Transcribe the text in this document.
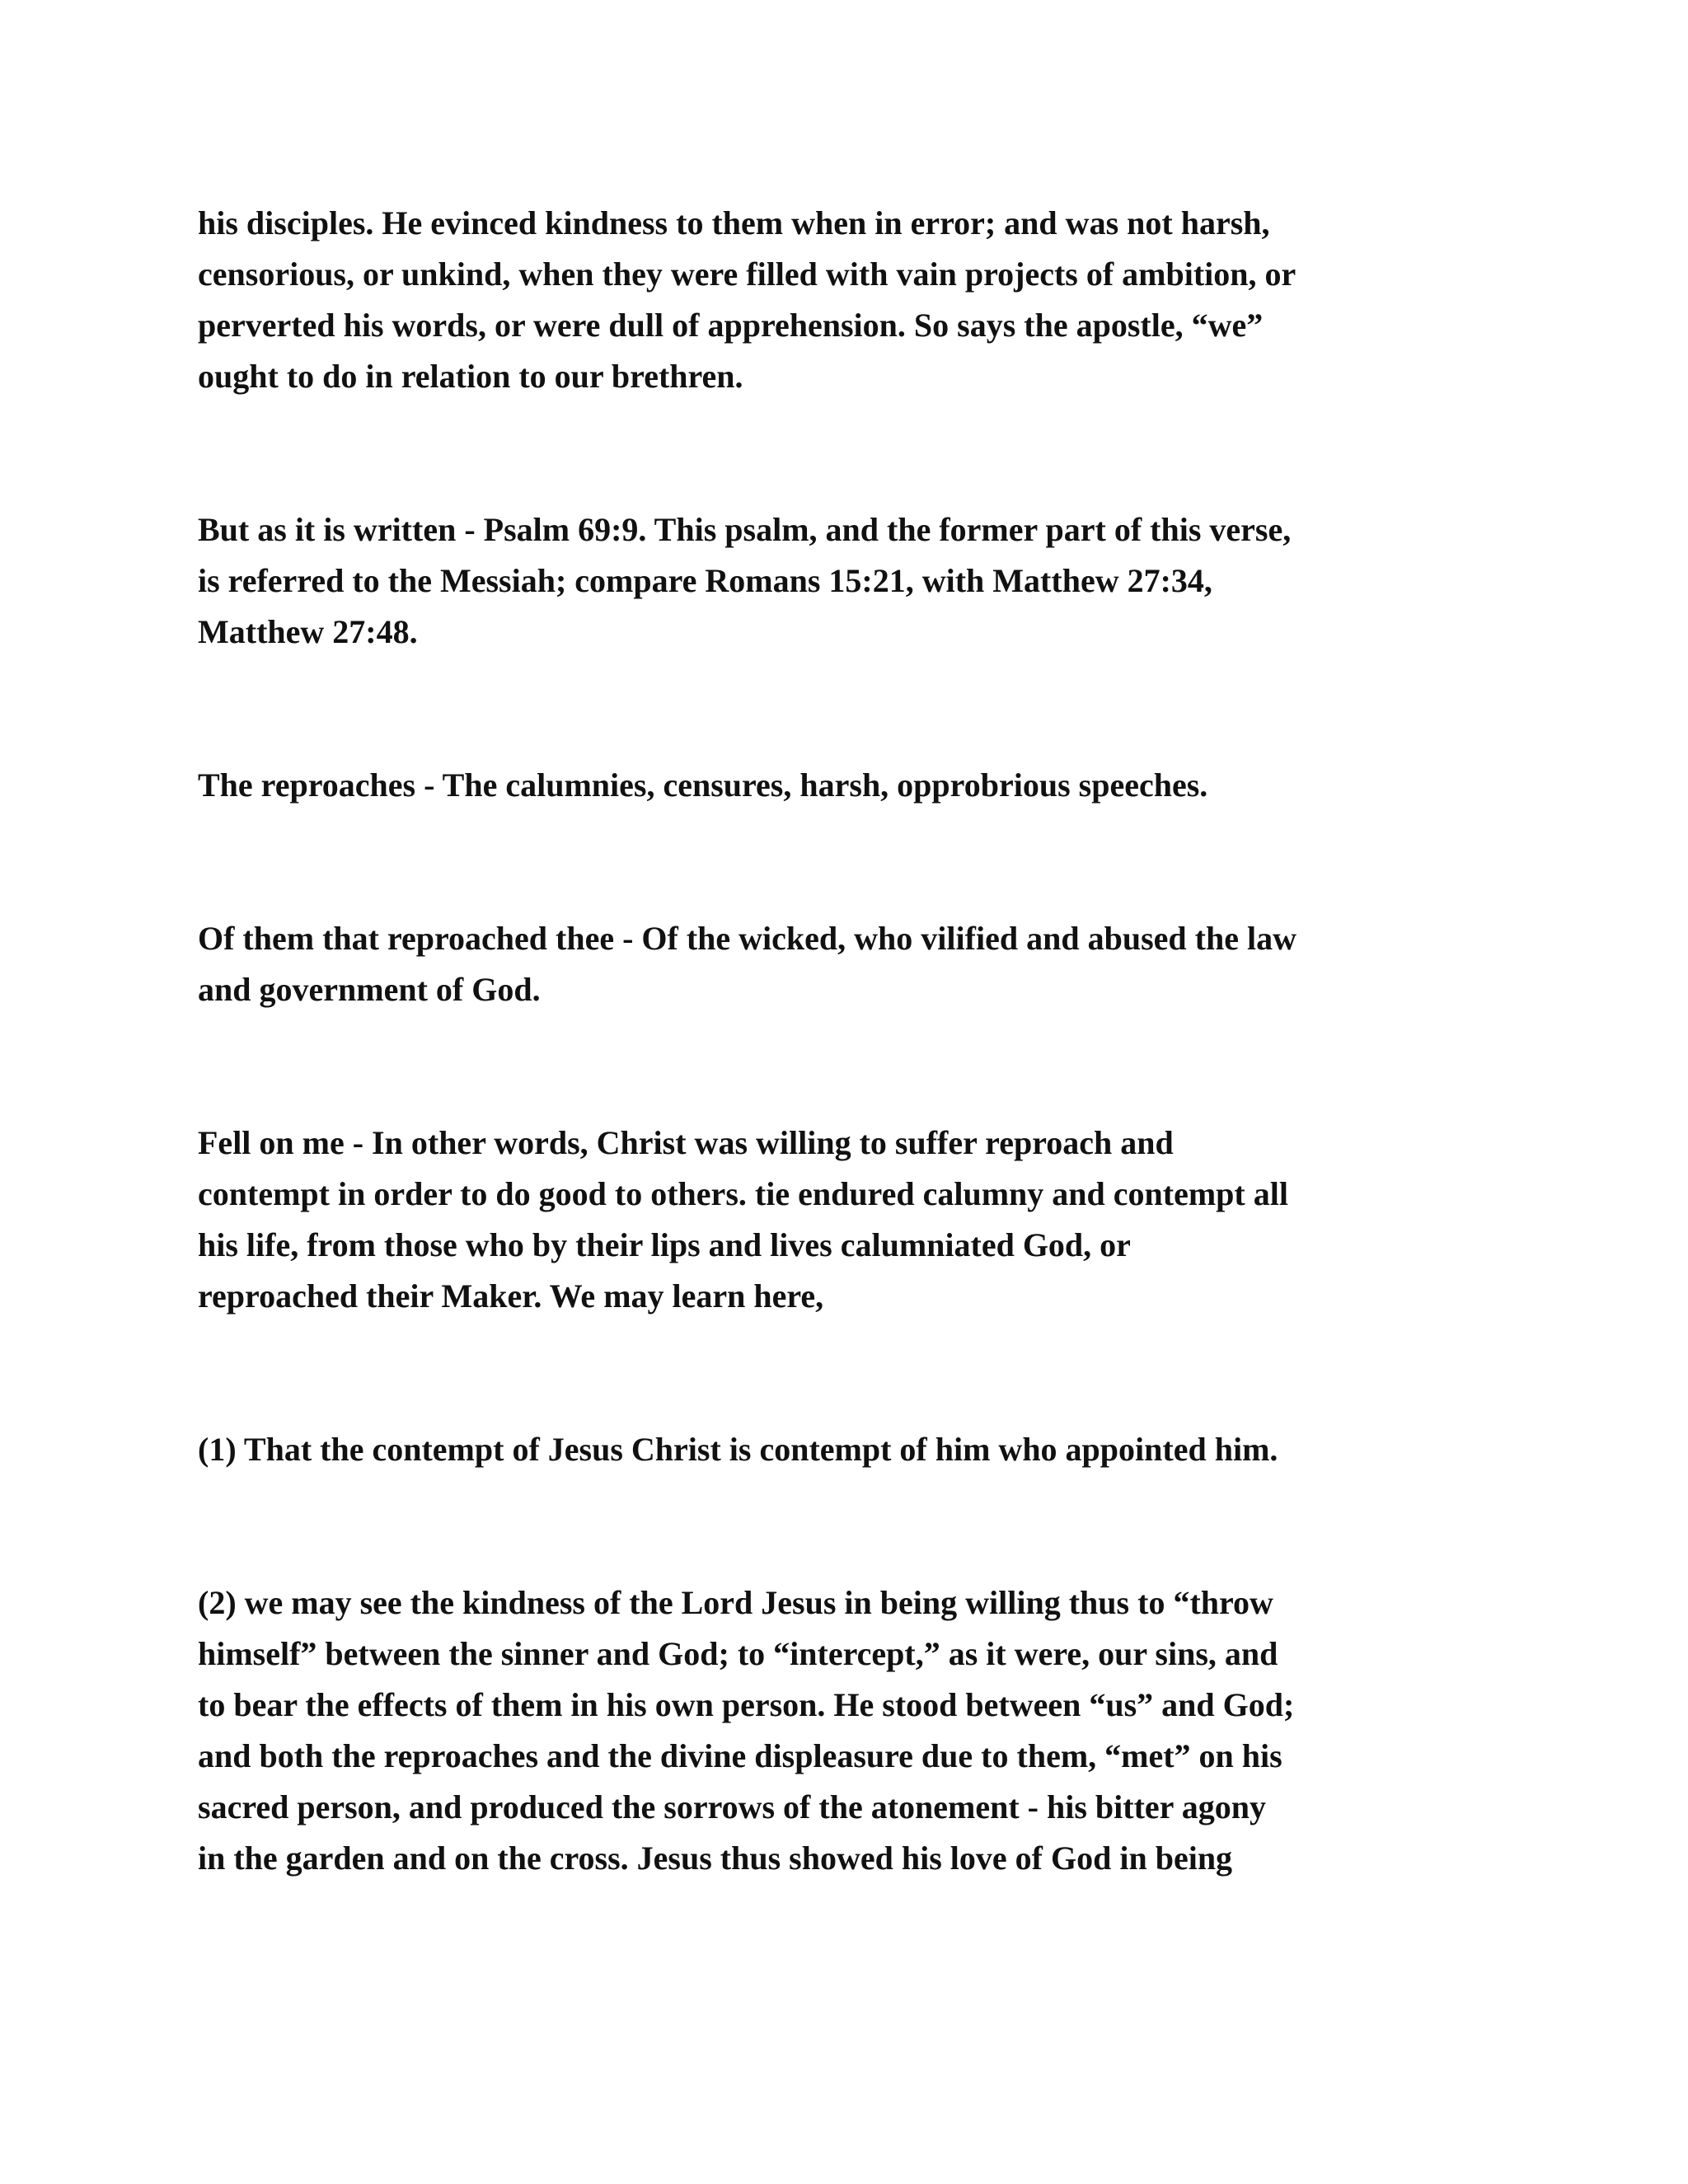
his disciples. He evinced kindness to them when in error; and was not harsh,
censorious, or unkind, when they were filled with vain projects of ambition, or
perverted his words, or were dull of apprehension. So says the apostle, “we”
ought to do in relation to our brethren.

But as it is written - Psalm 69:9. This psalm, and the former part of this verse,
is referred to the Messiah; compare Romans 15:21, with Matthew 27:34,
Matthew 27:48.

The reproaches - The calumnies, censures, harsh, opprobrious speeches.

Of them that reproached thee - Of the wicked, who vilified and abused the law
and government of God.

Fell on me - In other words, Christ was willing to suffer reproach and
contempt in order to do good to others. tie endured calumny and contempt all
his life, from those who by their lips and lives calumniated God, or
reproached their Maker. We may learn here,

(1) That the contempt of Jesus Christ is contempt of him who appointed him.

(2) we may see the kindness of the Lord Jesus in being willing thus to “throw
himself” between the sinner and God; to “intercept,” as it were, our sins, and
to bear the effects of them in his own person. He stood between “us” and God;
and both the reproaches and the divine displeasure due to them, “met” on his
sacred person, and produced the sorrows of the atonement - his bitter agony
in the garden and on the cross. Jesus thus showed his love of God in being
